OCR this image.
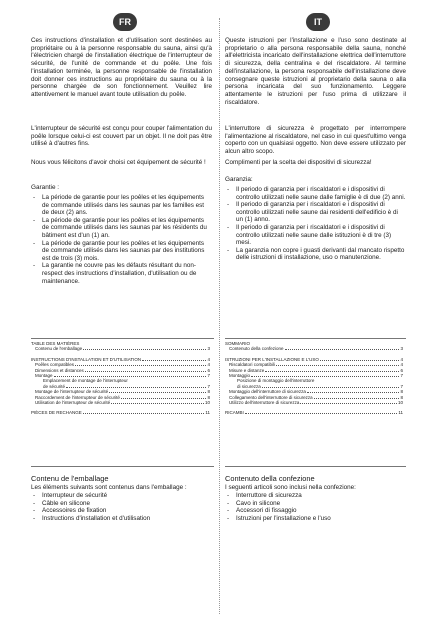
FR

Ces instructions d'installation et d'utilisation sont destinées au propriétaire ou à la personne responsable du sauna, ainsi qu'à l'électricien chargé de l'installation électrique de l'interrupteur de sécurité, de l'unité de commande et du poêle. Une fois l'installation terminée, la personne responsable de l'installation doit donner ces instructions au propriétaire du sauna ou à la personne chargée de son fonctionnement. Veuillez lire attentivement le manuel avant toute utilisation du poêle.

L'interrupteur de sécurité est conçu pour couper l'alimentation du poêle lorsque celui-ci est couvert par un objet. Il ne doit pas être utilisé à d'autres fins.

Nous vous félicitons d'avoir choisi cet équipement de sécurité !

Garantie :
- La période de garantie pour les poêles et les équipements de commande utilisés dans les saunas par les familles est de deux (2) ans.
- La période de garantie pour les poêles et les équipements de commande utilisés dans les saunas par les résidents du bâtiment est d'un (1) an.
- La période de garantie pour les poêles et les équipements de commande utilisés dans les saunas par des institutions est de trois (3) mois.
- La garantie ne couvre pas les défauts résultant du non-respect des instructions d'installation, d'utilisation ou de maintenance.
TABLE DES MATIÈRES
Contenu de l'emballage	3
INSTRUCTIONS D'INSTALLATION ET D'UTILISATION	4
Poêles compatibles	4
Dimensions et distances	6
Montage	7
Emplacement de montage de l'interrupteur
de sécurité	7
Montage de l'interrupteur de sécurité	8
Raccordement de l'interrupteur de sécurité	8
Utilisation de l'interrupteur de sécurité	10
PIÈCES DE RECHANGE	11
Contenu de l'emballage
Les éléments suivants sont contenus dans l'emballage :
- Interrupteur de sécurité
- Câble en silicone
- Accessoires de fixation
- Instructions d'installation et d'utilisation
IT

Queste istruzioni per l'installazione e l'uso sono destinate al proprietario o alla persona responsabile della sauna, nonché all'elettricista incaricato dell'installazione elettrica dell'interruttore di sicurezza, della centralina e del riscaldatore. Al termine dell'installazione, la persona responsabile dell'installazione deve consegnare queste istruzioni al proprietario della sauna o alla persona incaricata del suo funzionamento. Leggere attentamente le istruzioni per l'uso prima di utilizzare il riscaldatore.

L'interruttore di sicurezza è progettato per interrompere l'alimentazione al riscaldatore, nel caso in cui quest'ultimo venga coperto con un qualsiasi oggetto. Non deve essere utilizzato per alcun altro scopo.

Complimenti per la scelta dei dispositivi di sicurezza!

Garanzia:
- Il periodo di garanzia per i riscaldatori e i dispositivi di controllo utilizzati nelle saune dalle famiglie è di due (2) anni.
- Il periodo di garanzia per i riscaldatori e i dispositivi di controllo utilizzati nelle saune dai residenti dell'edificio è di un (1) anno.
- Il periodo di garanzia per i riscaldatori e i dispositivi di controllo utilizzati nelle saune dalle istituzioni è di tre (3) mesi.
- La garanzia non copre i guasti derivanti dal mancato rispetto delle istruzioni di installazione, uso o manutenzione.
SOMMARIO
Contenuto della confezione	3
ISTRUZIONI PER L'INSTALLAZIONE E L'USO	4
Riscaldatori compatibili	4
Misure e distanze	6
Montaggio	7
Posizione di montaggio dell'interruttore
di sicurezza	7
Montaggio dell'interruttore di sicurezza	8
Collegamento dell'interruttore di sicurezza	8
Utilizzo dell'interruttore di sicurezza	10
RICAMBI	11
Contenuto della confezione
I seguenti articoli sono inclusi nella confezione:
- Interruttore di sicurezza
- Cavo in silicone
- Accessori di fissaggio
- Istruzioni per l'installazione e l'uso
